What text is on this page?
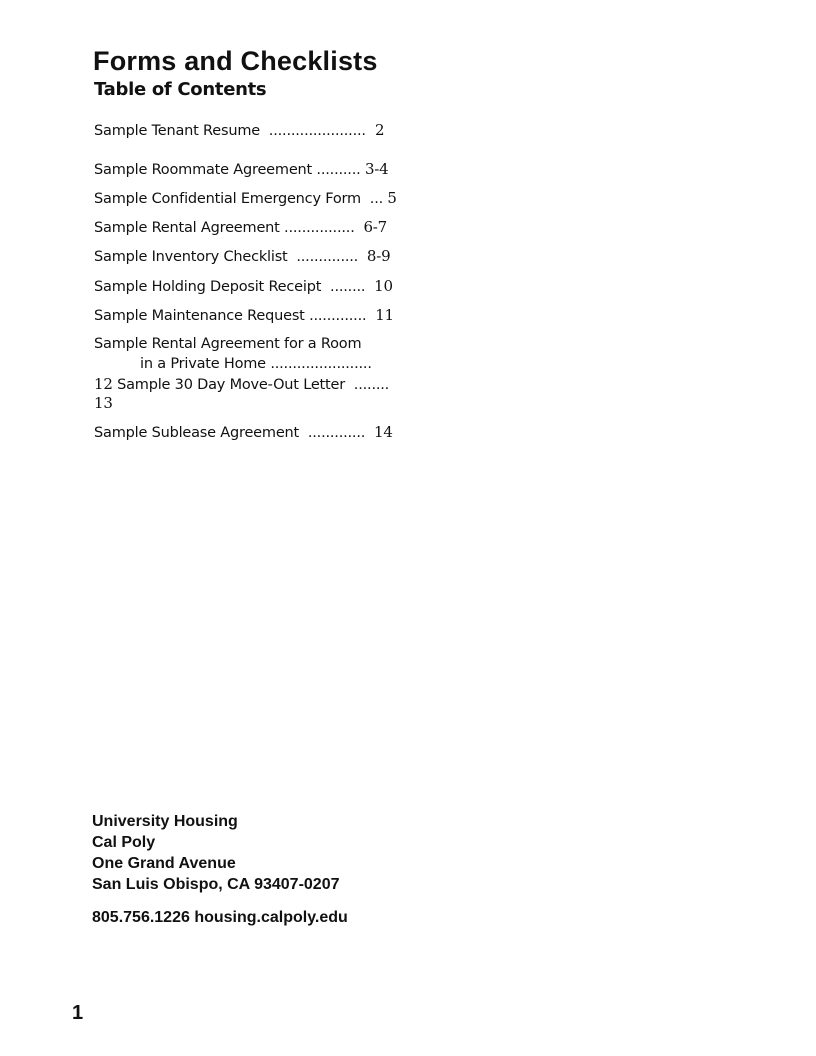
Forms and Checklists
Table of Contents

Sample Tenant Resume  ......................  2

Sample Roommate Agreement .......... 3-4

Sample Confidential Emergency Form  ... 5

Sample Rental Agreement ................  6-7

Sample Inventory Checklist  ..............  8-9

Sample Holding Deposit Receipt  ........  10

Sample Maintenance Request .............  11

Sample Rental Agreement for a Room

in a Private Home .......................

12 Sample 30 Day Move-Out Letter  ........

13

Sample Sublease Agreement  .............  14

University Housing

Cal Poly

One Grand Avenue

San Luis Obispo, CA 93407-0207

805.756.1226 housing.calpoly.edu

1
